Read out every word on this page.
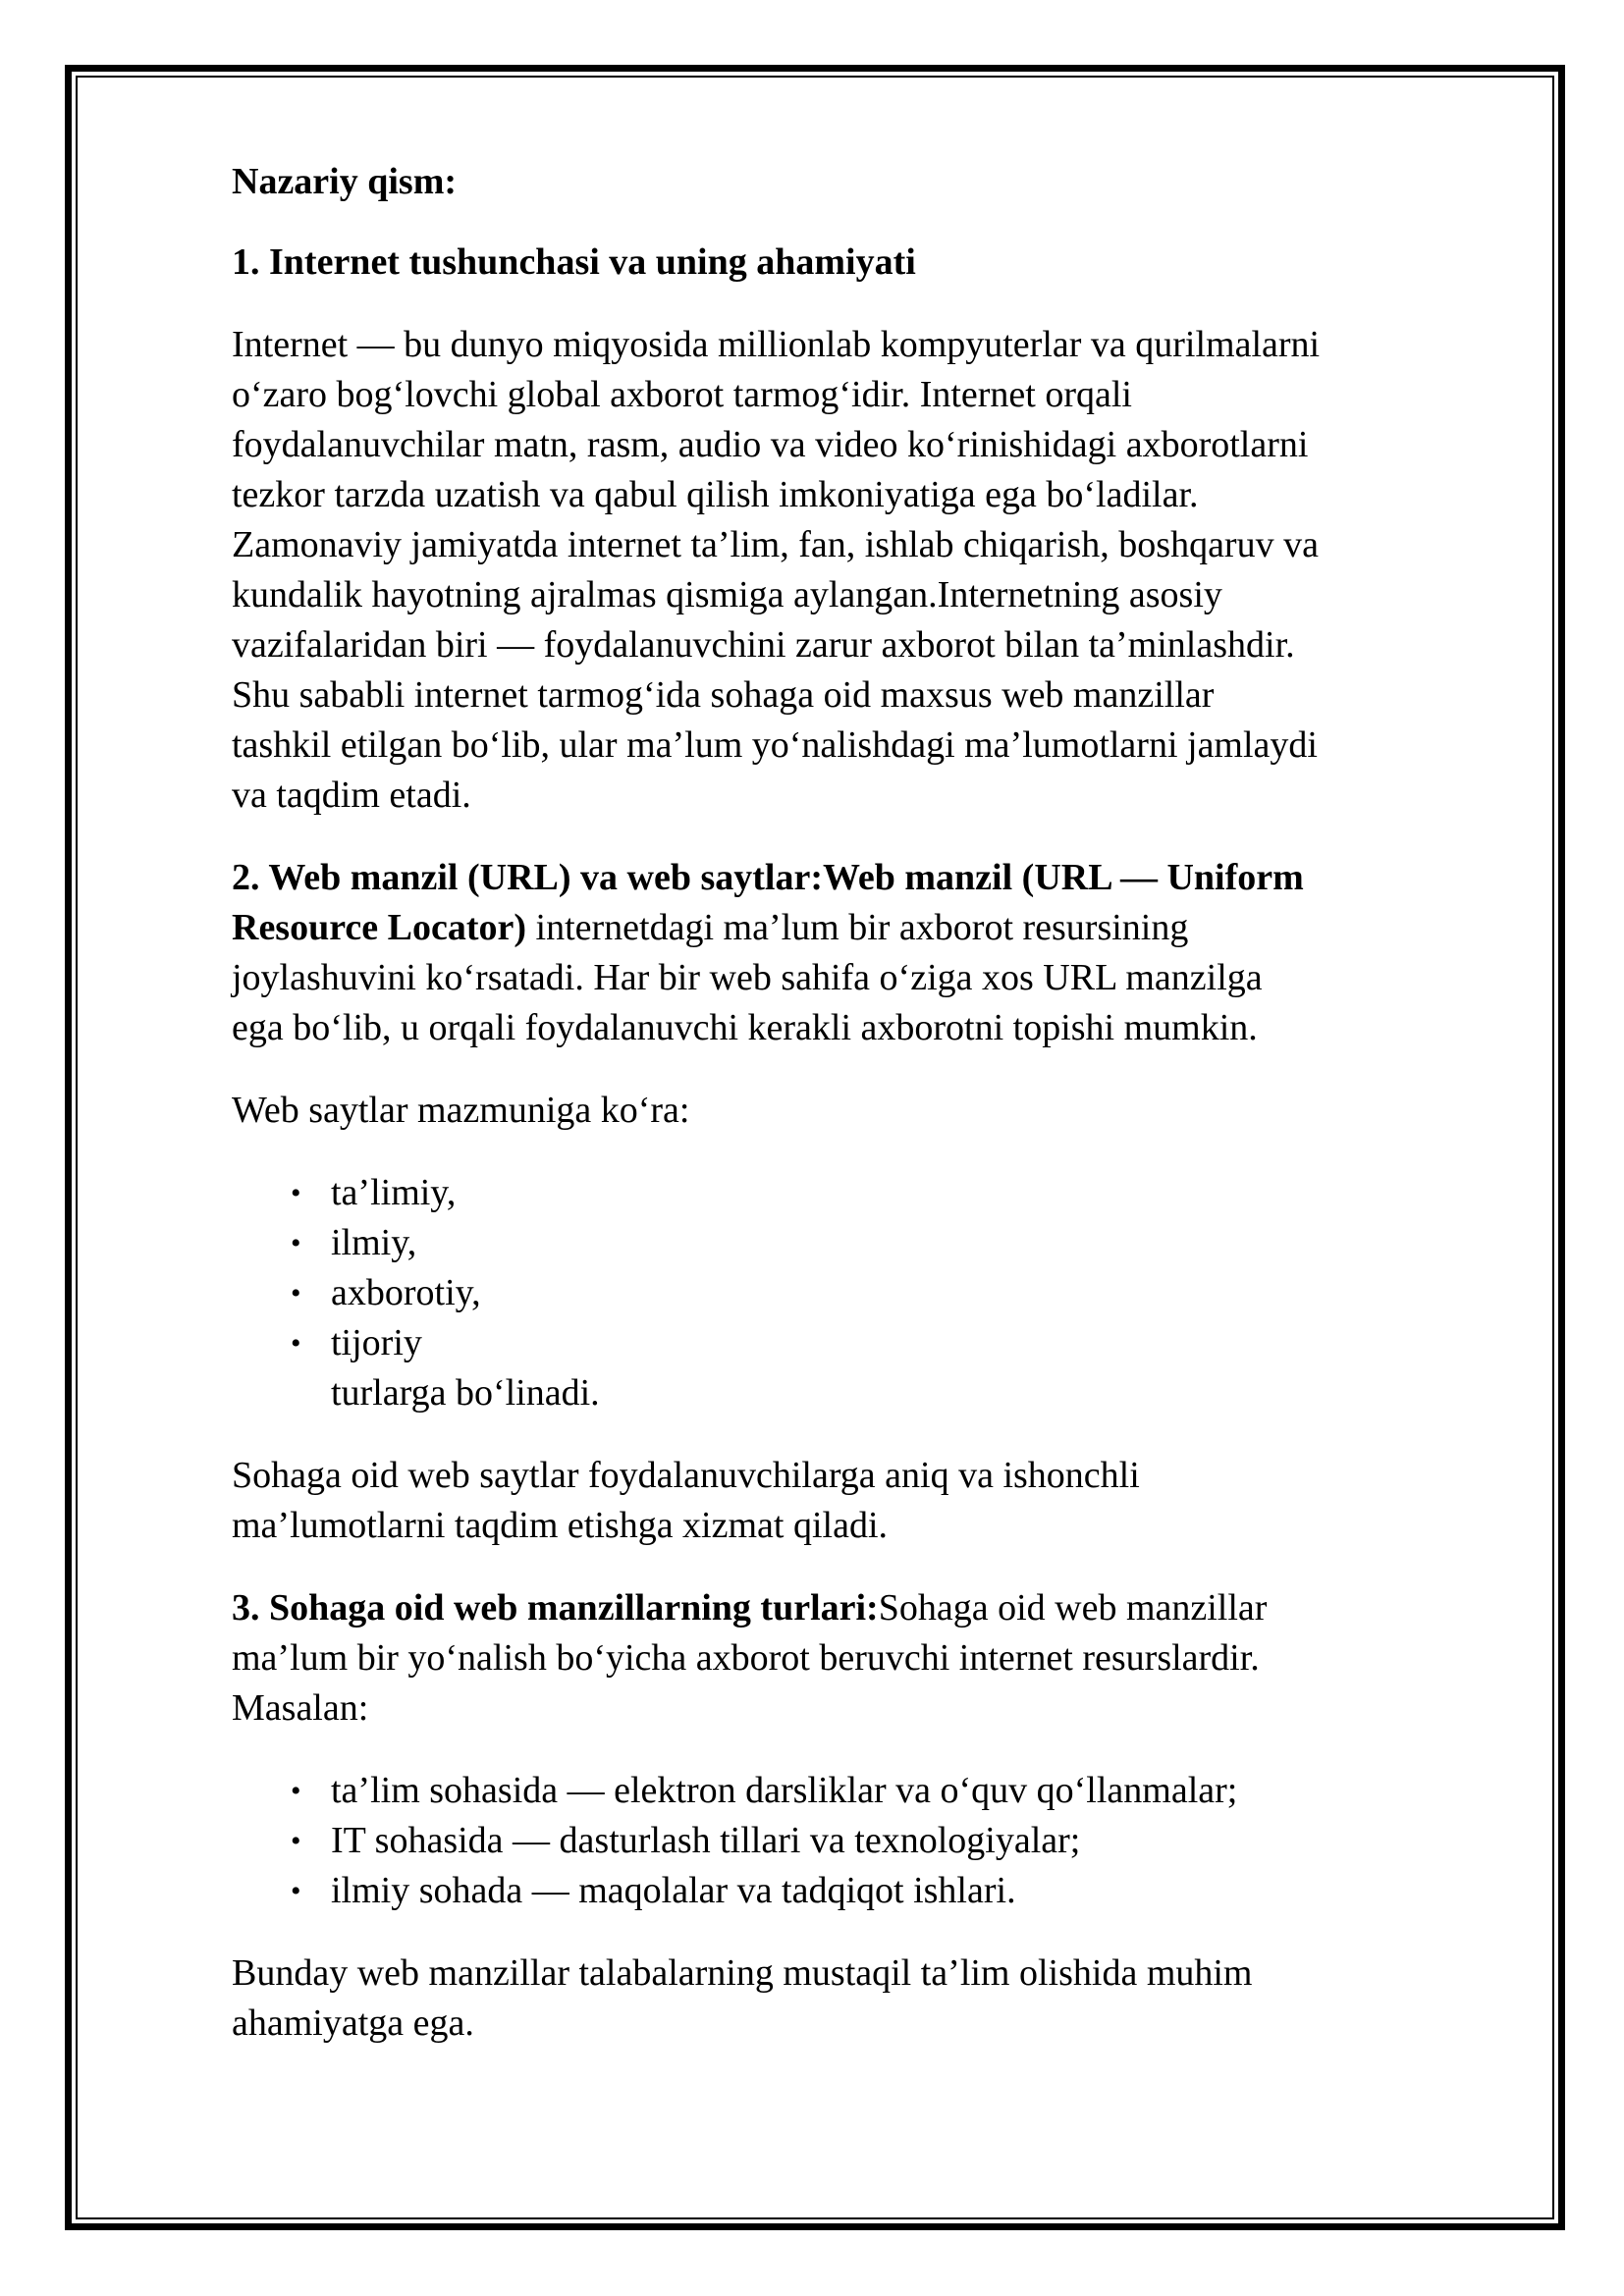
Nazariy qism:
1. Internet tushunchasi va uning ahamiyati
Internet — bu dunyo miqyosida millionlab kompyuterlar va qurilmalarni
o‘zaro bog‘lovchi global axborot tarmog‘idir. Internet orqali
foydalanuvchilar matn, rasm, audio va video ko‘rinishidagi axborotlarni
tezkor tarzda uzatish va qabul qilish imkoniyatiga ega bo‘ladilar.
Zamonaviy jamiyatda internet ta’lim, fan, ishlab chiqarish, boshqaruv va
kundalik hayotning ajralmas qismiga aylangan.Internetning asosiy
vazifalaridan biri — foydalanuvchini zarur axborot bilan ta’minlashdir.
Shu sababli internet tarmog‘ida sohaga oid maxsus web manzillar
tashkil etilgan bo‘lib, ular ma’lum yo‘nalishdagi ma’lumotlarni jamlaydi
va taqdim etadi.
2. Web manzil (URL) va web saytlar:Web manzil (URL — Uniform
Resource Locator) internetdagi ma’lum bir axborot resursining
joylashuvini ko‘rsatadi. Har bir web sahifa o‘ziga xos URL manzilga
ega bo‘lib, u orqali foydalanuvchi kerakli axborotni topishi mumkin.
Web saytlar mazmuniga ko‘ra:
• ta’limiy,
• ilmiy,
• axborotiy,
• tijoriy
turlarga bo‘linadi.
Sohaga oid web saytlar foydalanuvchilarga aniq va ishonchli
ma’lumotlarni taqdim etishga xizmat qiladi.
3. Sohaga oid web manzillarning turlari:Sohaga oid web manzillar
ma’lum bir yo‘nalish bo‘yicha axborot beruvchi internet resurslardir.
Masalan:
• ta’lim sohasida — elektron darsliklar va o‘quv qo‘llanmalar;
• IT sohasida — dasturlash tillari va texnologiyalar;
• ilmiy sohada — maqolalar va tadqiqot ishlari.
Bunday web manzillar talabalarning mustaqil ta’lim olishida muhim
ahamiyatga ega.
